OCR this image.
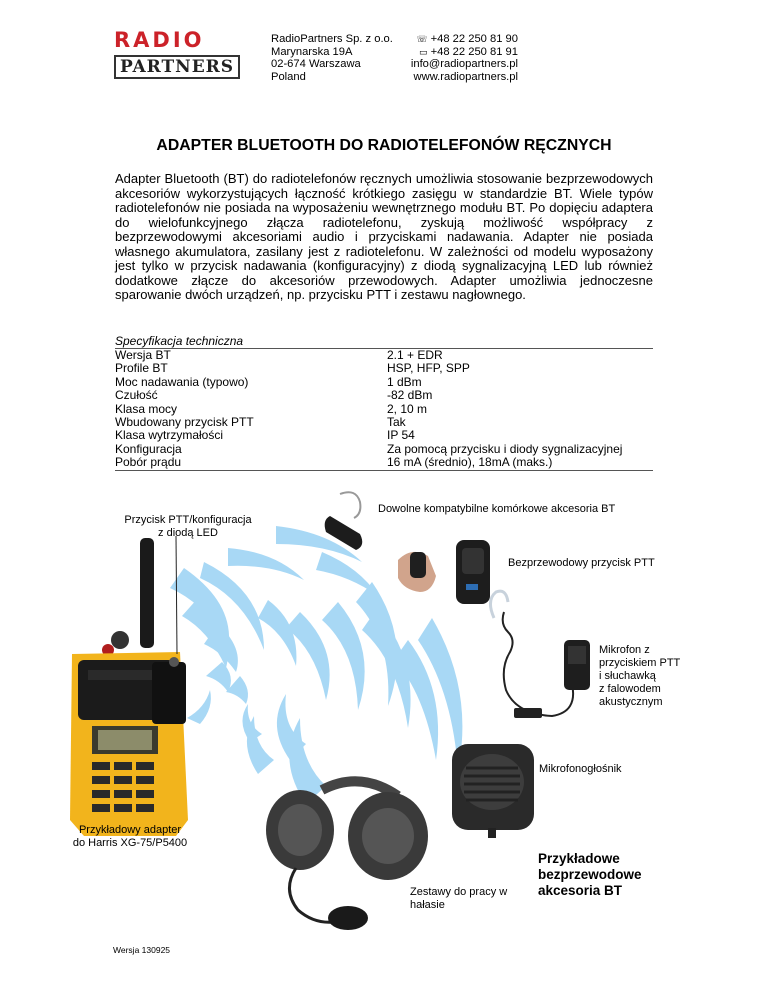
RADIO
PARTNERS
RadioPartners Sp. z o.o.
Marynarska 19A
02-674 Warszawa
Poland
☏ +48 22 250 81 90
▭ +48 22 250 81 91
info@radiopartners.pl
www.radiopartners.pl
ADAPTER BLUETOOTH DO RADIOTELEFONÓW RĘCZNYCH
Adapter Bluetooth (BT) do radiotelefonów ręcznych umożliwia stosowanie bezprzewodowych akcesoriów wykorzystujących łączność krótkiego zasięgu w standardzie BT. Wiele typów radiotelefonów nie posiada na wyposażeniu wewnętrznego modułu BT. Po dopięciu adaptera do wielofunkcyjnego złącza radiotelefonu, zyskują możliwość współpracy z bezprzewodowymi akcesoriami audio i przyciskami nadawania. Adapter nie posiada własnego akumulatora, zasilany jest z radiotelefonu. W zależności od modelu wyposażony jest tylko w przycisk nadawania (konfiguracyjny) z diodą sygnalizacyjną LED lub również dodatkowe złącze do akcesoriów przewodowych. Adapter umożliwia jednoczesne sparowanie dwóch urządzeń, np. przycisku PTT i zestawu nagłownego.
Specyfikacja techniczna
Wersja BT
Profile BT
Moc nadawania (typowo)
Czułość
Klasa mocy
Wbudowany przycisk PTT
Klasa wytrzymałości
Konfiguracja
Pobór prądu
2.1 + EDR
HSP, HFP, SPP
1 dBm
-82 dBm
2, 10 m
Tak
IP 54
Za pomocą przycisku i diody sygnalizacyjnej
16 mA (średnio), 18mA (maks.)
Przycisk PTT/konfiguracja
z diodą LED
Dowolne kompatybilne komórkowe akcesoria BT
Bezprzewodowy przycisk PTT
Mikrofon z
przyciskiem PTT
i słuchawką
z falowodem
akustycznym
Mikrofonogłośnik
Przykładowy adapter
do Harris XG-75/P5400
Zestawy do pracy w
hałasie
Przykładowe
bezprzewodowe
akcesoria BT
Wersja 130925
